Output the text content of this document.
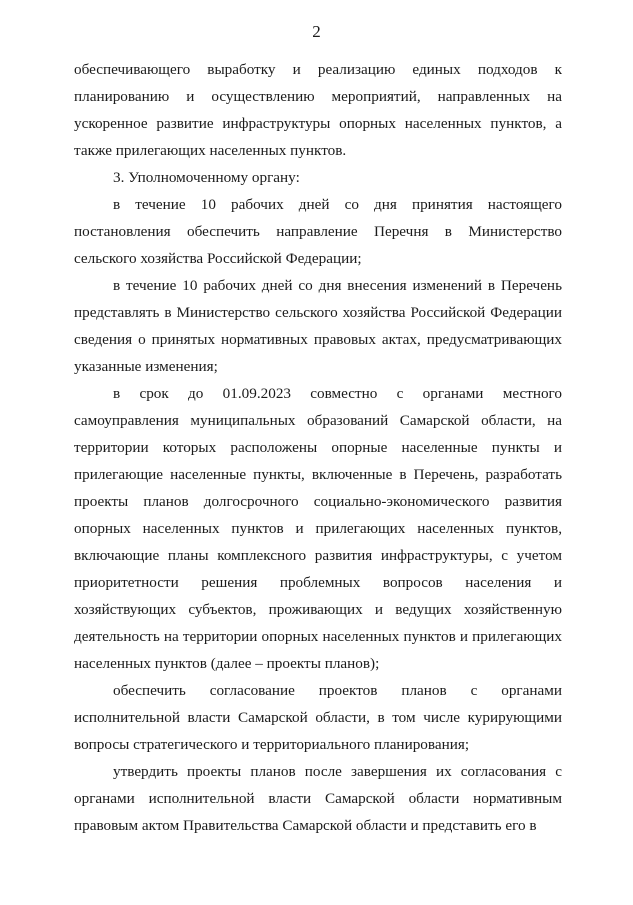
2

обеспечивающего выработку и реализацию единых подходов к планированию и осуществлению мероприятий, направленных на ускоренное развитие инфраструктуры опорных населенных пунктов, а также прилегающих населенных пунктов.

3. Уполномоченному органу:

в течение 10 рабочих дней со дня принятия настоящего постановления обеспечить направление Перечня в Министерство сельского хозяйства Российской Федерации;

в течение 10 рабочих дней со дня внесения изменений в Перечень представлять в Министерство сельского хозяйства Российской Федерации сведения о принятых нормативных правовых актах, предусматривающих указанные изменения;

в срок до 01.09.2023 совместно с органами местного самоуправления муниципальных образований Самарской области, на территории которых расположены опорные населенные пункты и прилегающие населенные пункты, включенные в Перечень, разработать проекты планов долгосрочного социально-экономического развития опорных населенных пунктов и прилегающих населенных пунктов, включающие планы комплексного развития инфраструктуры, с учетом приоритетности решения проблемных вопросов населения и хозяйствующих субъектов, проживающих и ведущих хозяйственную деятельность на территории опорных населенных пунктов и прилегающих населенных пунктов (далее – проекты планов);

обеспечить согласование проектов планов с органами исполнительной власти Самарской области, в том числе курирующими вопросы стратегического и территориального планирования;

утвердить проекты планов после завершения их согласования с органами исполнительной власти Самарской области нормативным правовым актом Правительства Самарской области и представить его в
